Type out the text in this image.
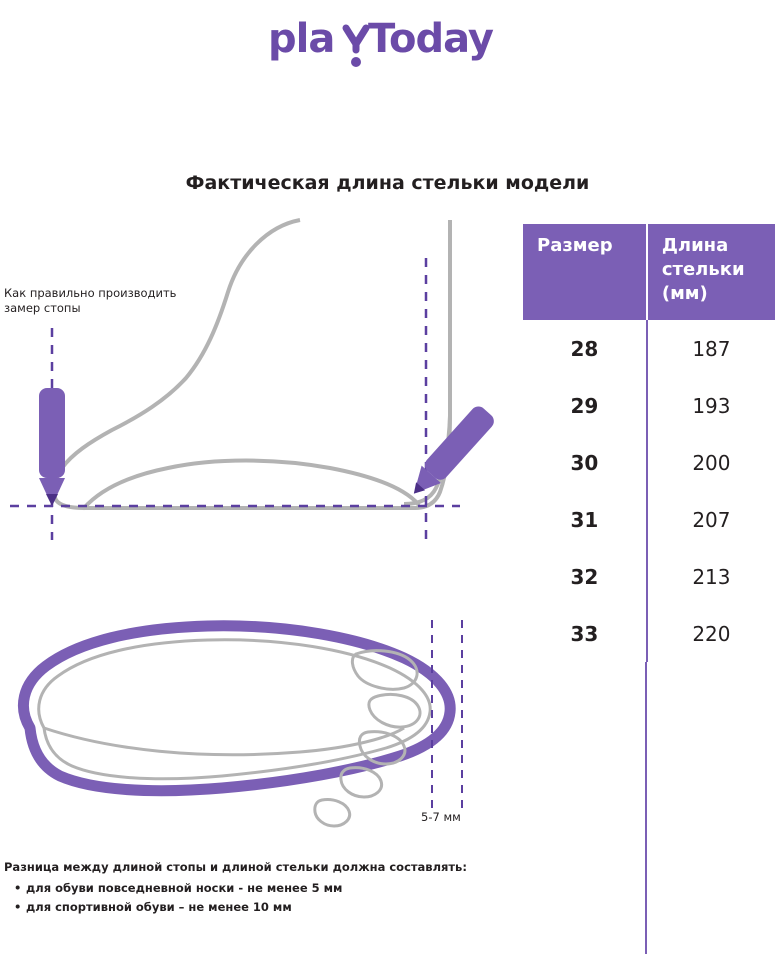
pla Today
Фактическая длина стельки модели
Как правильно производить замер стопы
5-7 мм
Разница между длиной стопы и длиной стельки должна составлять:
• для обуви повседневной носки - не менее 5 мм
• для спортивной обуви – не менее 10 мм
Размер	Длина
стельки
(мм)

28	187
29	193
30	200
31	207
32	213
33	220
